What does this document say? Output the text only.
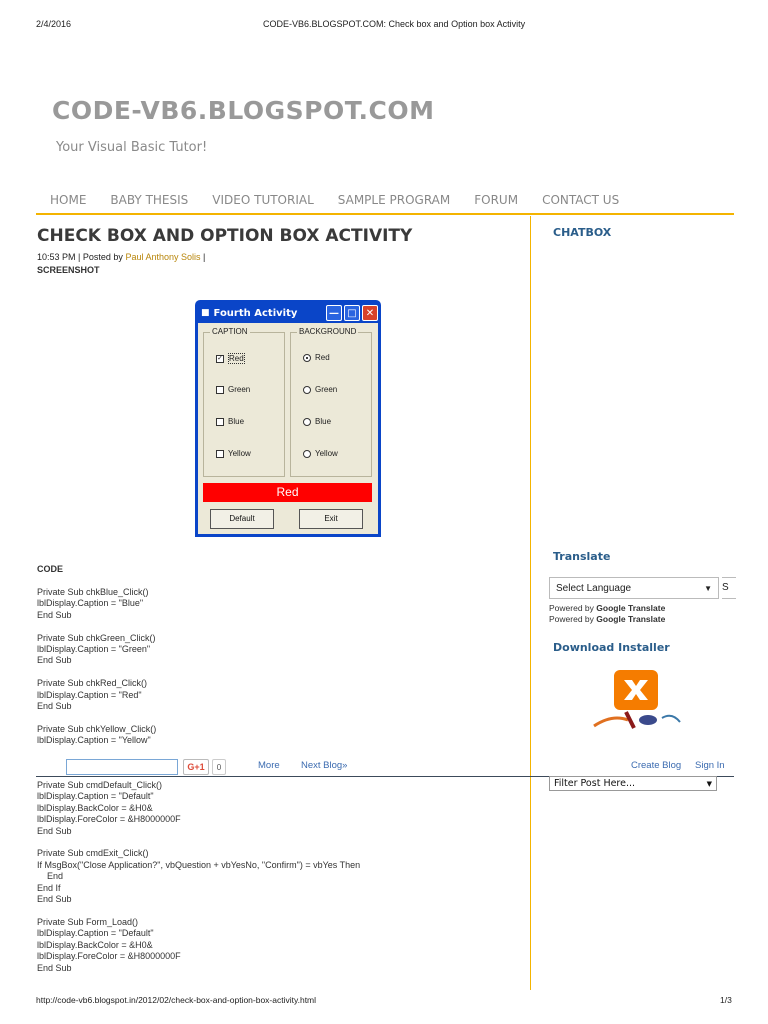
2/4/2016	CODE-VB6.BLOGSPOT.COM: Check box and Option box Activity
CODE-VB6.BLOGSPOT.COM
Your Visual Basic Tutor!
HOME	BABY THESIS	VIDEO TUTORIAL	SAMPLE PROGRAM	FORUM	CONTACT US
CHECK BOX AND OPTION BOX ACTIVITY
10:53 PM | Posted by Paul Anthony Solis |
SCREENSHOT
■ Fourth Activity	— □ ✕
CAPTION
✓ Red
Green
Blue
Yellow
BACKGROUND
Red
Green
Blue
Yellow
Red
Default	Exit
CODE
Private Sub chkBlue_Click()
lblDisplay.Caption = "Blue"
End Sub

Private Sub chkGreen_Click()
lblDisplay.Caption = "Green"
End Sub

Private Sub chkRed_Click()
lblDisplay.Caption = "Red"
End Sub

Private Sub chkYellow_Click()
lblDisplay.Caption = "Yellow"
Private Sub cmdDefault_Click()
lblDisplay.Caption = "Default"
lblDisplay.BackColor = &H0&
lblDisplay.ForeColor = &H8000000F
End Sub

Private Sub cmdExit_Click()
If MsgBox("Close Application?", vbQuestion + vbYesNo, "Confirm") = vbYes Then
End
End If
End Sub

Private Sub Form_Load()
lblDisplay.Caption = "Default"
lblDisplay.BackColor = &H0&
lblDisplay.ForeColor = &H8000000F
End Sub
CHATBOX
Translate
Select Language	▼ S
Powered by Google Translate
Powered by Google Translate
Download Installer
G+1	0	More Next Blog»	Create Blog Sign In
Filter Post Here...	▼
http://code-vb6.blogspot.in/2012/02/check-box-and-option-box-activity.html	1/3
